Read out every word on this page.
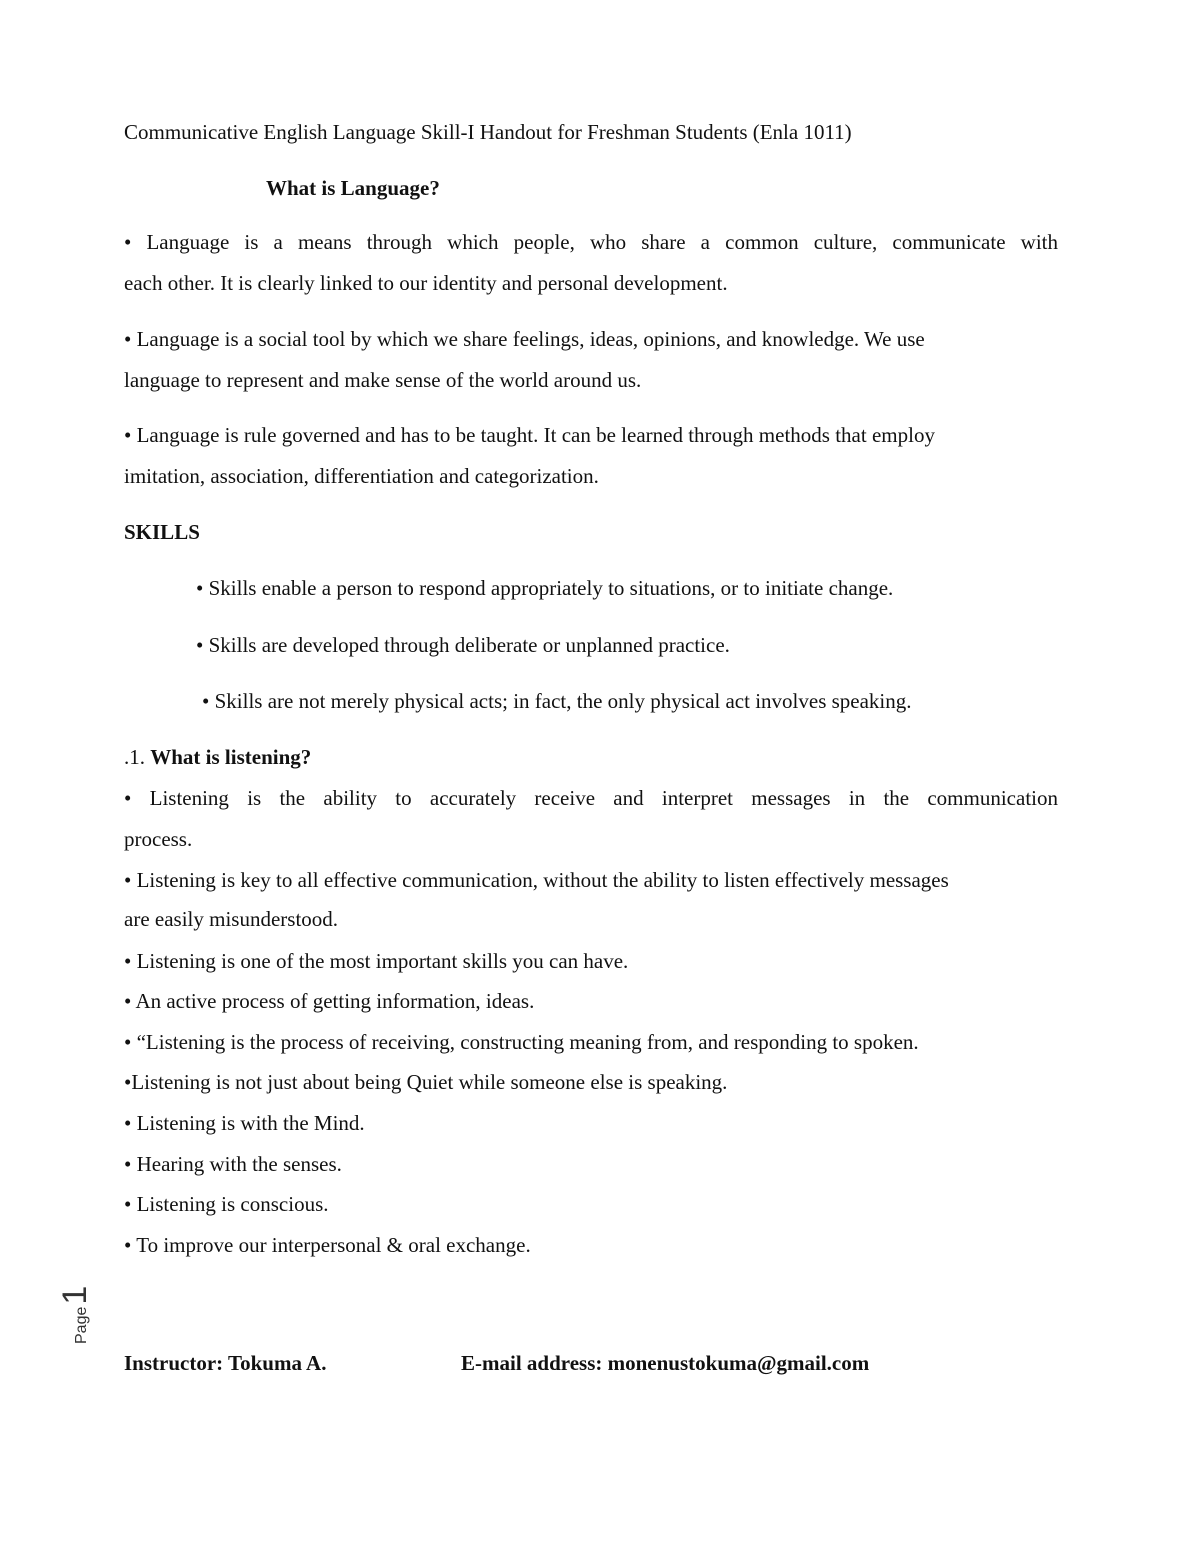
Communicative English Language Skill-I Handout for Freshman Students (Enla 1011)
What is Language?
• Language is a means through which people, who share a common culture, communicate with
each other. It is clearly linked to our identity and personal development.
• Language is a social tool by which we share feelings, ideas, opinions, and knowledge. We use
language to represent and make sense of the world around us.
• Language is rule governed and has to be taught. It can be learned through methods that employ
imitation, association, differentiation and categorization.
SKILLS
• Skills enable a person to respond appropriately to situations, or to initiate change.
• Skills are developed through deliberate or unplanned practice.
• Skills are not merely physical acts; in fact, the only physical act involves speaking.
.1. What is listening?
• Listening is the ability to accurately receive and interpret messages in the communication
process.
• Listening is key to all effective communication, without the ability to listen effectively messages
are easily misunderstood.
• Listening is one of the most important skills you can have.
• An active process of getting information, ideas.
• “Listening is the process of receiving, constructing meaning from, and responding to spoken.
•Listening is not just about being Quiet while someone else is speaking.
• Listening is with the Mind.
• Hearing with the senses.
• Listening is conscious.
• To improve our interpersonal & oral exchange.
Page1
Instructor: Tokuma A.	E-mail address: monenustokuma@gmail.com
